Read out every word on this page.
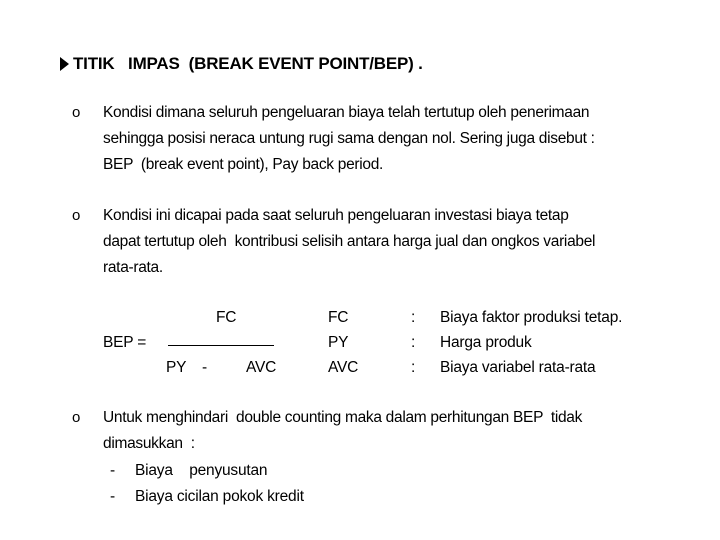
TITIK   IMPAS  (BREAK EVENT POINT/BEP) .
o Kondisi dimana seluruh pengeluaran biaya telah tertutup oleh penerimaan
sehingga posisi neraca untung rugi sama dengan nol. Sering juga disebut :
BEP  (break event point), Pay back period.
o Kondisi ini dicapai pada saat seluruh pengeluaran investasi biaya tetap
dapat tertutup oleh  kontribusi selisih antara harga jual dan ongkos variabel
rata-rata.
FC
BEP =
PY -	AVC
FC	: Biaya faktor produksi tetap.
PY	: Harga produk
AVC	: Biaya variabel rata-rata
o Untuk menghindari  double counting maka dalam perhitungan BEP  tidak
dimasukkan  :
- Biaya    penyusutan
- Biaya cicilan pokok kredit
